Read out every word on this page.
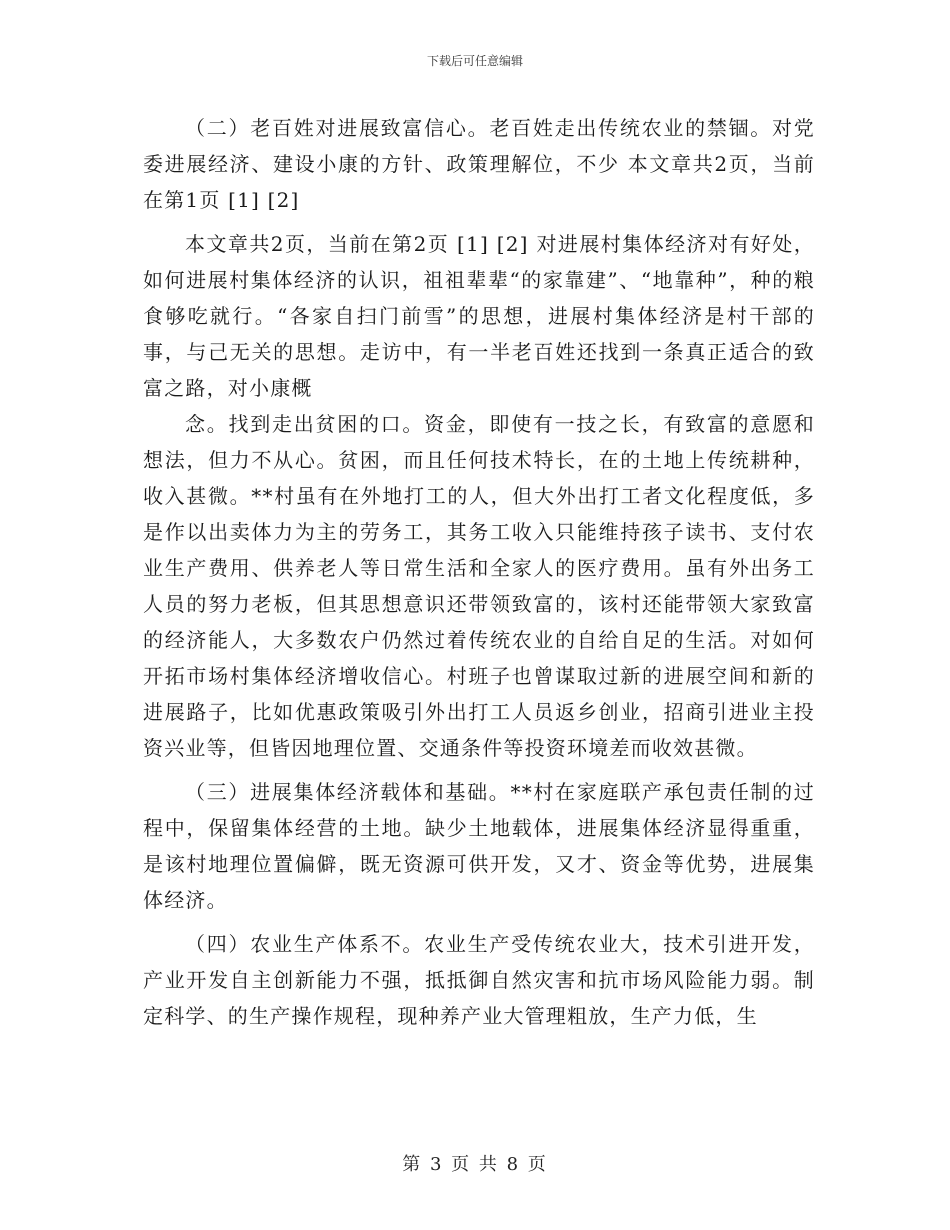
下载后可任意编辑

（二）老百姓对进展致富信心。老百姓走出传统农业的禁锢。对党委进展经济、建设小康的方针、政策理解位，不少 本文章共2页，当前在第1页 [1] [2]

本文章共2页，当前在第2页 [1] [2] 对进展村集体经济对有好处，如何进展村集体经济的认识，祖祖辈辈“的家靠建”、“地靠种”，种的粮食够吃就行。“各家自扫门前雪”的思想，进展村集体经济是村干部的事，与己无关的思想。走访中，有一半老百姓还找到一条真正适合的致富之路，对小康概

念。找到走出贫困的口。资金，即使有一技之长，有致富的意愿和想法，但力不从心。贫困，而且任何技术特长，在的土地上传统耕种，收入甚微。**村虽有在外地打工的人，但大外出打工者文化程度低，多是作以出卖体力为主的劳务工，其务工收入只能维持孩子读书、支付农业生产费用、供养老人等日常生活和全家人的医疗费用。虽有外出务工人员的努力老板，但其思想意识还带领致富的，该村还能带领大家致富的经济能人，大多数农户仍然过着传统农业的自给自足的生活。对如何开拓市场村集体经济增收信心。村班子也曾谋取过新的进展空间和新的进展路子，比如优惠政策吸引外出打工人员返乡创业，招商引进业主投资兴业等，但皆因地理位置、交通条件等投资环境差而收效甚微。

（三）进展集体经济载体和基础。**村在家庭联产承包责任制的过程中，保留集体经营的土地。缺少土地载体，进展集体经济显得重重，是该村地理位置偏僻，既无资源可供开发，又才、资金等优势，进展集体经济。

（四）农业生产体系不。农业生产受传统农业大，技术引进开发，产业开发自主创新能力不强，抵抵御自然灾害和抗市场风险能力弱。制定科学、的生产操作规程，现种养产业大管理粗放，生产力低，生

第 3 页 共 8 页
